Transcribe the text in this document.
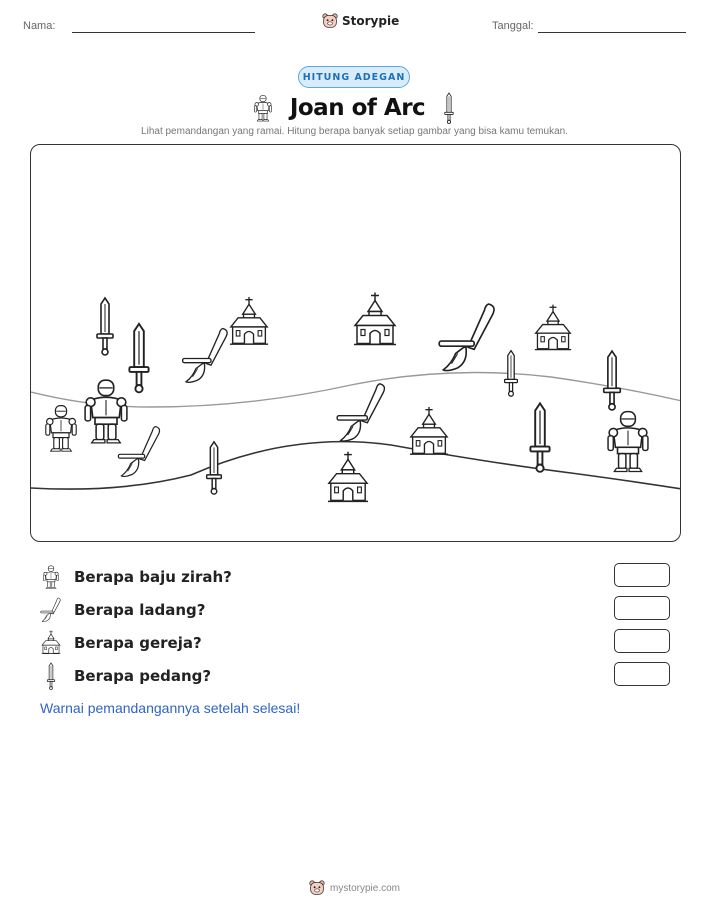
Nama:	Storypie	Tanggal:
HITUNG ADEGAN
Joan of Arc
Lihat pemandangan yang ramai. Hitung berapa banyak setiap gambar yang bisa kamu temukan.
Berapa baju zirah?
Berapa ladang?
Berapa gereja?
Berapa pedang?
Warnai pemandangannya setelah selesai!
mystorypie.com
